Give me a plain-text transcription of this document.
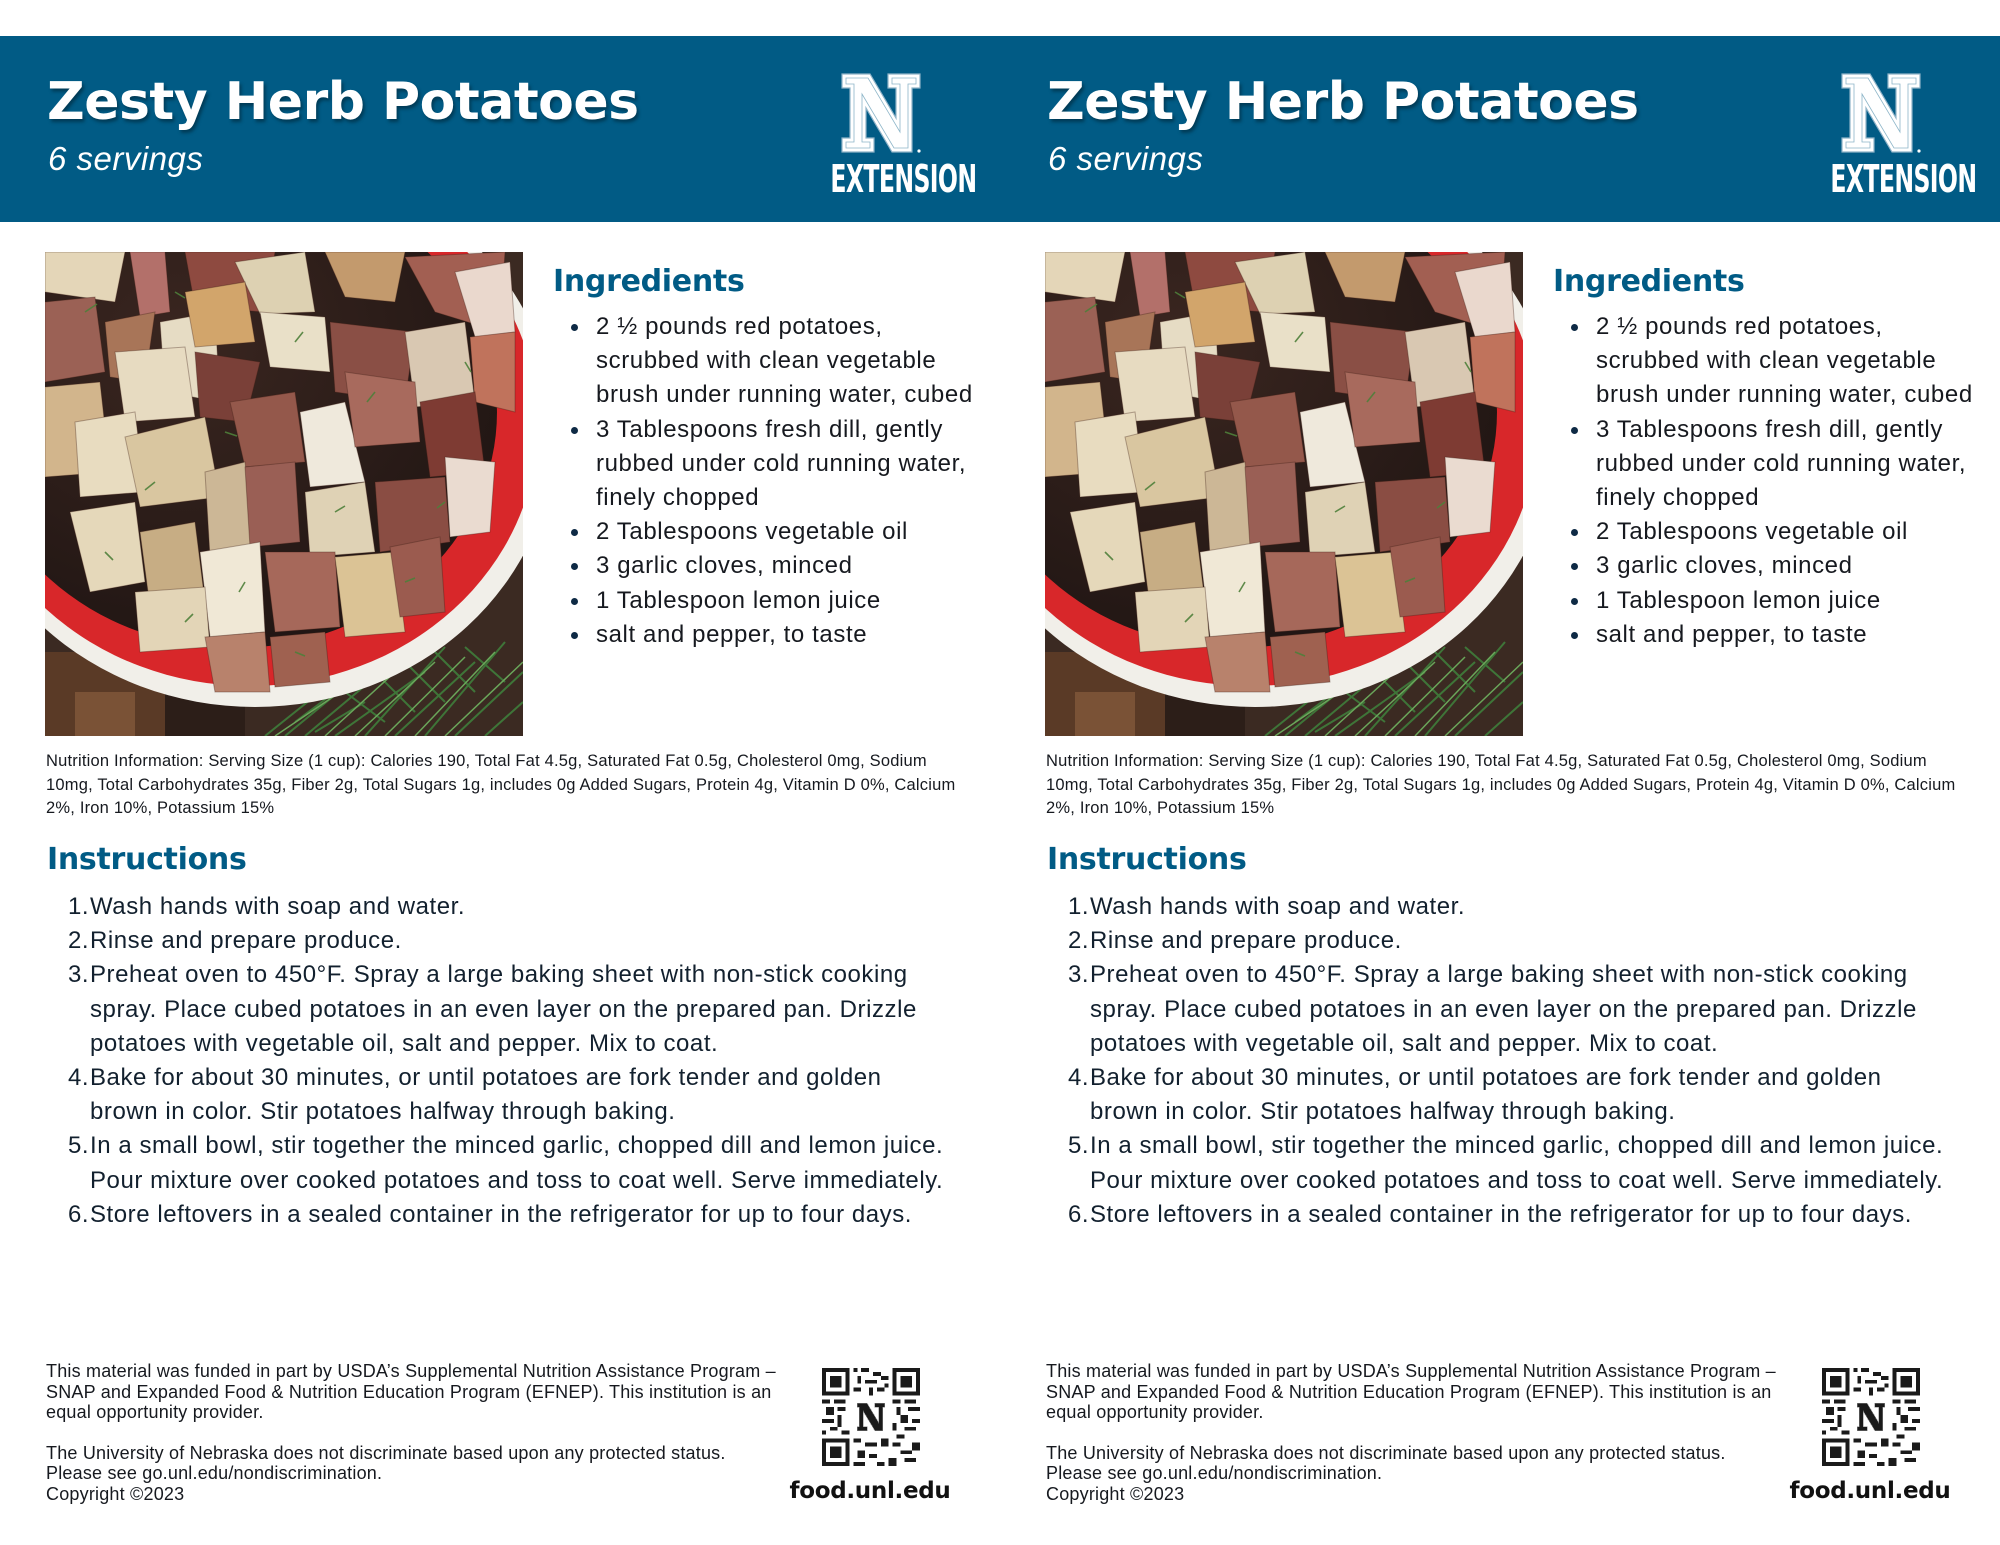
Zesty Herb Potatoes
6 servings	EXTENSION
Ingredients
2 ½ pounds red potatoes, scrubbed with clean vegetable brush under running water, cubed
3 Tablespoons fresh dill, gently rubbed under cold running water, finely chopped
2 Tablespoons vegetable oil
3 garlic cloves, minced
1 Tablespoon lemon juice
salt and pepper, to taste
Nutrition Information: Serving Size (1 cup): Calories 190, Total Fat 4.5g, Saturated Fat 0.5g, Cholesterol 0mg, Sodium 10mg, Total Carbohydrates 35g, Fiber 2g, Total Sugars 1g, includes 0g Added Sugars, Protein 4g, Vitamin D 0%, Calcium 2%, Iron 10%, Potassium 15%
Instructions
1. Wash hands with soap and water.
2. Rinse and prepare produce.
3. Preheat oven to 450°F. Spray a large baking sheet with non-stick cooking spray. Place cubed potatoes in an even layer on the prepared pan. Drizzle potatoes with vegetable oil, salt and pepper. Mix to coat.
4. Bake for about 30 minutes, or until potatoes are fork tender and golden brown in color. Stir potatoes halfway through baking.
5. In a small bowl, stir together the minced garlic, chopped dill and lemon juice. Pour mixture over cooked potatoes and toss to coat well. Serve immediately.
6. Store leftovers in a sealed container in the refrigerator for up to four days.

This material was funded in part by USDA’s Supplemental Nutrition Assistance Program – SNAP and Expanded Food & Nutrition Education Program (EFNEP). This institution is an equal opportunity provider.

The University of Nebraska does not discriminate based upon any protected status. Please see go.unl.edu/nondiscrimination.
Copyright ©2023	food.unl.edu
Zesty Herb Potatoes
6 servings	EXTENSION
Ingredients
2 ½ pounds red potatoes, scrubbed with clean vegetable brush under running water, cubed
3 Tablespoons fresh dill, gently rubbed under cold running water, finely chopped
2 Tablespoons vegetable oil
3 garlic cloves, minced
1 Tablespoon lemon juice
salt and pepper, to taste
Nutrition Information: Serving Size (1 cup): Calories 190, Total Fat 4.5g, Saturated Fat 0.5g, Cholesterol 0mg, Sodium 10mg, Total Carbohydrates 35g, Fiber 2g, Total Sugars 1g, includes 0g Added Sugars, Protein 4g, Vitamin D 0%, Calcium 2%, Iron 10%, Potassium 15%
Instructions
1. Wash hands with soap and water.
2. Rinse and prepare produce.
3. Preheat oven to 450°F. Spray a large baking sheet with non-stick cooking spray. Place cubed potatoes in an even layer on the prepared pan. Drizzle potatoes with vegetable oil, salt and pepper. Mix to coat.
4. Bake for about 30 minutes, or until potatoes are fork tender and golden brown in color. Stir potatoes halfway through baking.
5. In a small bowl, stir together the minced garlic, chopped dill and lemon juice. Pour mixture over cooked potatoes and toss to coat well. Serve immediately.
6. Store leftovers in a sealed container in the refrigerator for up to four days.

This material was funded in part by USDA’s Supplemental Nutrition Assistance Program – SNAP and Expanded Food & Nutrition Education Program (EFNEP). This institution is an equal opportunity provider.

The University of Nebraska does not discriminate based upon any protected status. Please see go.unl.edu/nondiscrimination.
Copyright ©2023	food.unl.edu
